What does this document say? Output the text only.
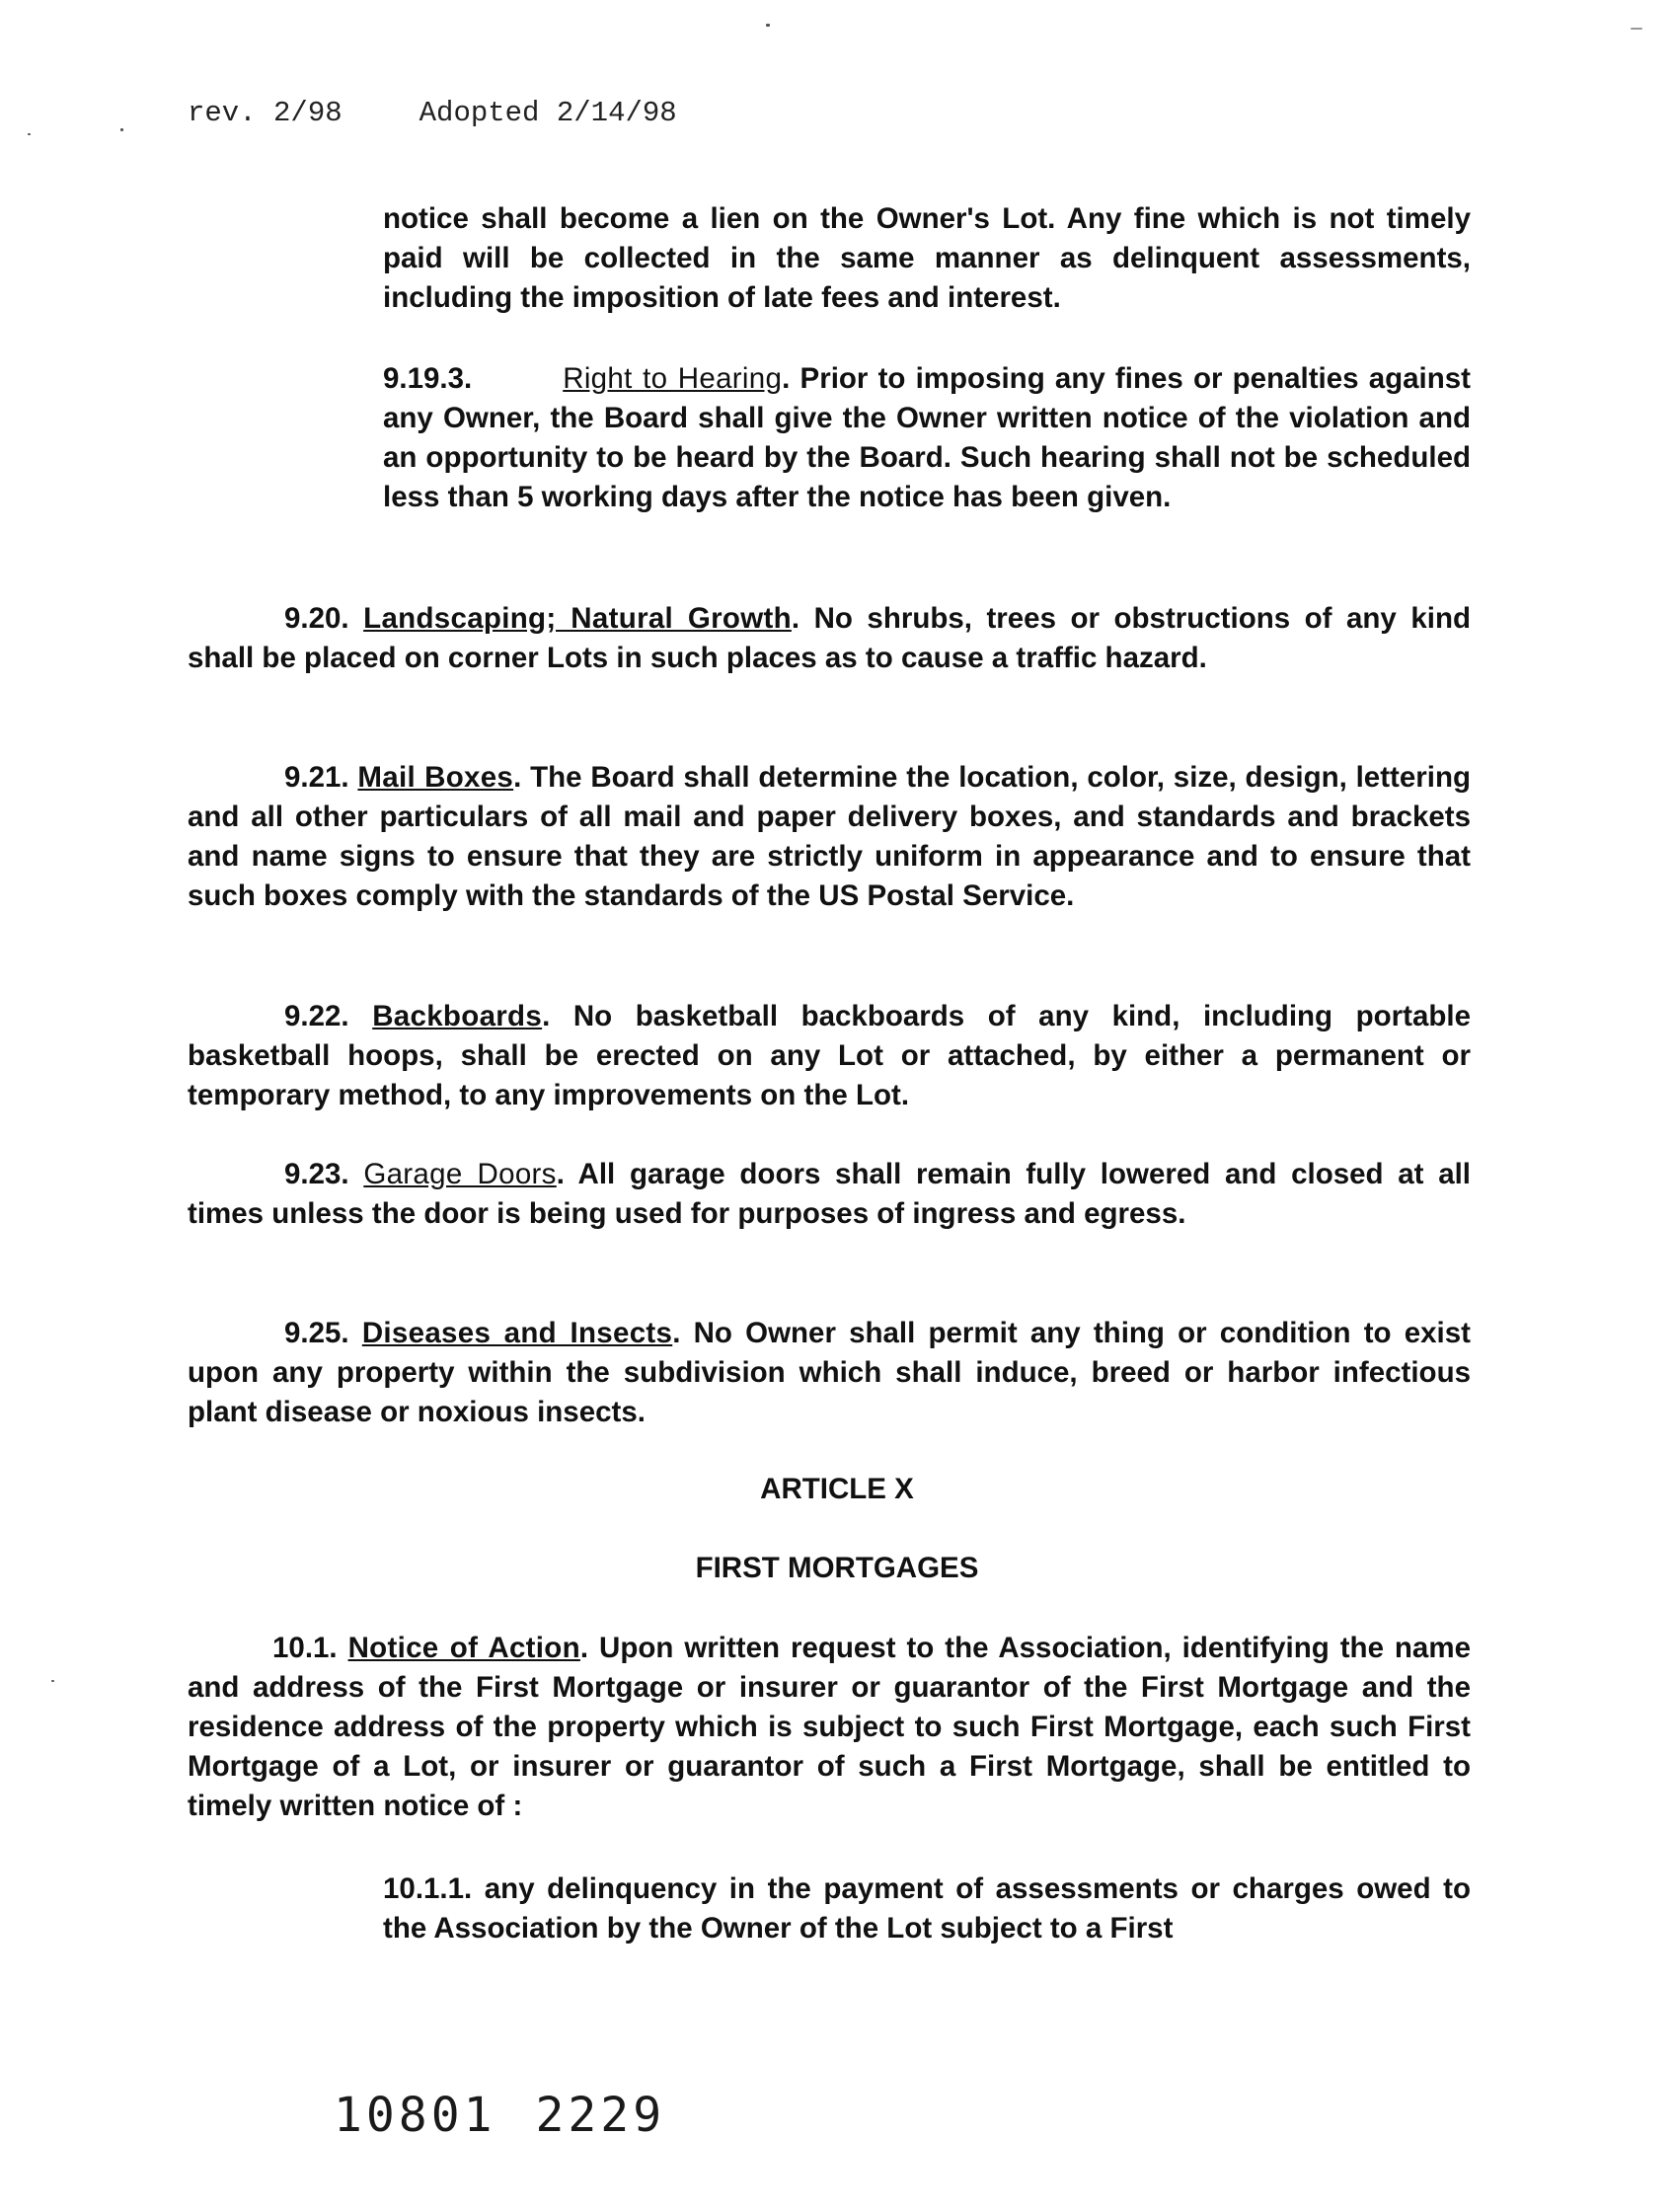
rev. 2/98	Adopted 2/14/98
notice shall become a lien on the Owner's Lot. Any fine which is not timely paid will be collected in the same manner as delinquent assessments, including the imposition of late fees and interest.
9.19.3.	Right to Hearing. Prior to imposing any fines or penalties against any Owner, the Board shall give the Owner written notice of the violation and an opportunity to be heard by the Board. Such hearing shall not be scheduled less than 5 working days after the notice has been given.
9.20. Landscaping; Natural Growth. No shrubs, trees or obstructions of any kind shall be placed on corner Lots in such places as to cause a traffic hazard.
9.21. Mail Boxes. The Board shall determine the location, color, size, design, lettering and all other particulars of all mail and paper delivery boxes, and standards and brackets and name signs to ensure that they are strictly uniform in appearance and to ensure that such boxes comply with the standards of the US Postal Service.
9.22. Backboards. No basketball backboards of any kind, including portable basketball hoops, shall be erected on any Lot or attached, by either a permanent or temporary method, to any improvements on the Lot.
9.23. Garage Doors. All garage doors shall remain fully lowered and closed at all times unless the door is being used for purposes of ingress and egress.
9.25. Diseases and Insects. No Owner shall permit any thing or condition to exist upon any property within the subdivision which shall induce, breed or harbor infectious plant disease or noxious insects.
ARTICLE X
FIRST MORTGAGES
10.1. Notice of Action. Upon written request to the Association, identifying the name and address of the First Mortgage or insurer or guarantor of the First Mortgage and the residence address of the property which is subject to such First Mortgage, each such First Mortgage of a Lot, or insurer or guarantor of such a First Mortgage, shall be entitled to timely written notice of :
10.1.1. any delinquency in the payment of assessments or charges owed to the Association by the Owner of the Lot subject to a First
10801 2229
